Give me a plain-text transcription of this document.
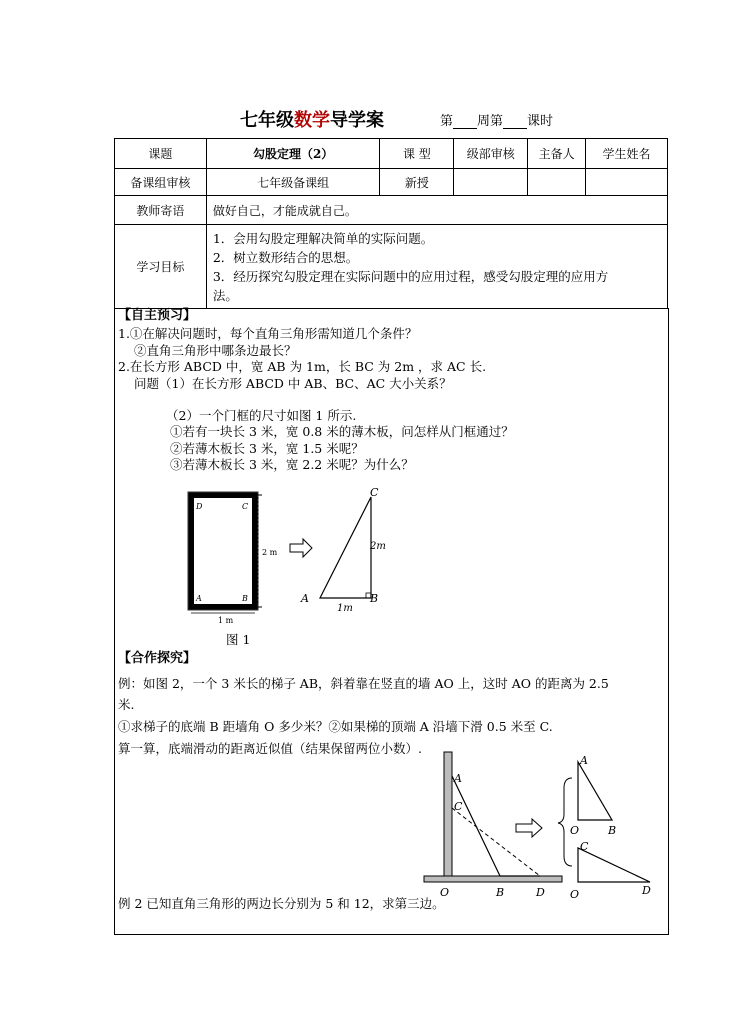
七年级数学导学案	第 周第 课时
课题	勾股定理（2）	课 型	级部审核	主备人	学生姓名
备课组审核	七年级备课组	新授			
教师寄语	做好自己，才能成就自己。				
学习目标	1．会用勾股定理解决简单的实际问题。
2．树立数形结合的思想。
3．经历探究勾股定理在实际问题中的应用过程，感受勾股定理的应用方
法。				
【自主预习】
1.①在解决问题时，每个直角三角形需知道几个条件？
②直角三角形中哪条边最长？
2.在长方形 ABCD 中，宽 AB 为 1m，长 BC 为 2m ，求 AC 长.
问题（1）在长方形 ABCD 中 AB、BC、AC 大小关系？
（2）一个门框的尺寸如图 1 所示.
①若有一块长 3 米，宽 0.8 米的薄木板，问怎样从门框通过？
②若薄木板长 3 米，宽 1.5 米呢？
③若薄木板长 3 米，宽 2.2 米呢？为什么？
D	C
A	B
2 m
1 m
C
2m
A
1m
B
图 1
【合作探究】
例：如图 2，一个 3 米长的梯子 AB，斜着靠在竖直的墙 AO 上，这时 AO 的距离为 2.5
米.
①求梯子的底端 B 距墙角 O 多少米？②如果梯的顶端 A 沿墙下滑 0.5 米至 C.
算一算，底端滑动的距离近似值（结果保留两位小数）.
A
C
O	B	D
A
O	B
C
O	D
例 2 已知直角三角形的两边长分别为 5 和 12，求第三边。
